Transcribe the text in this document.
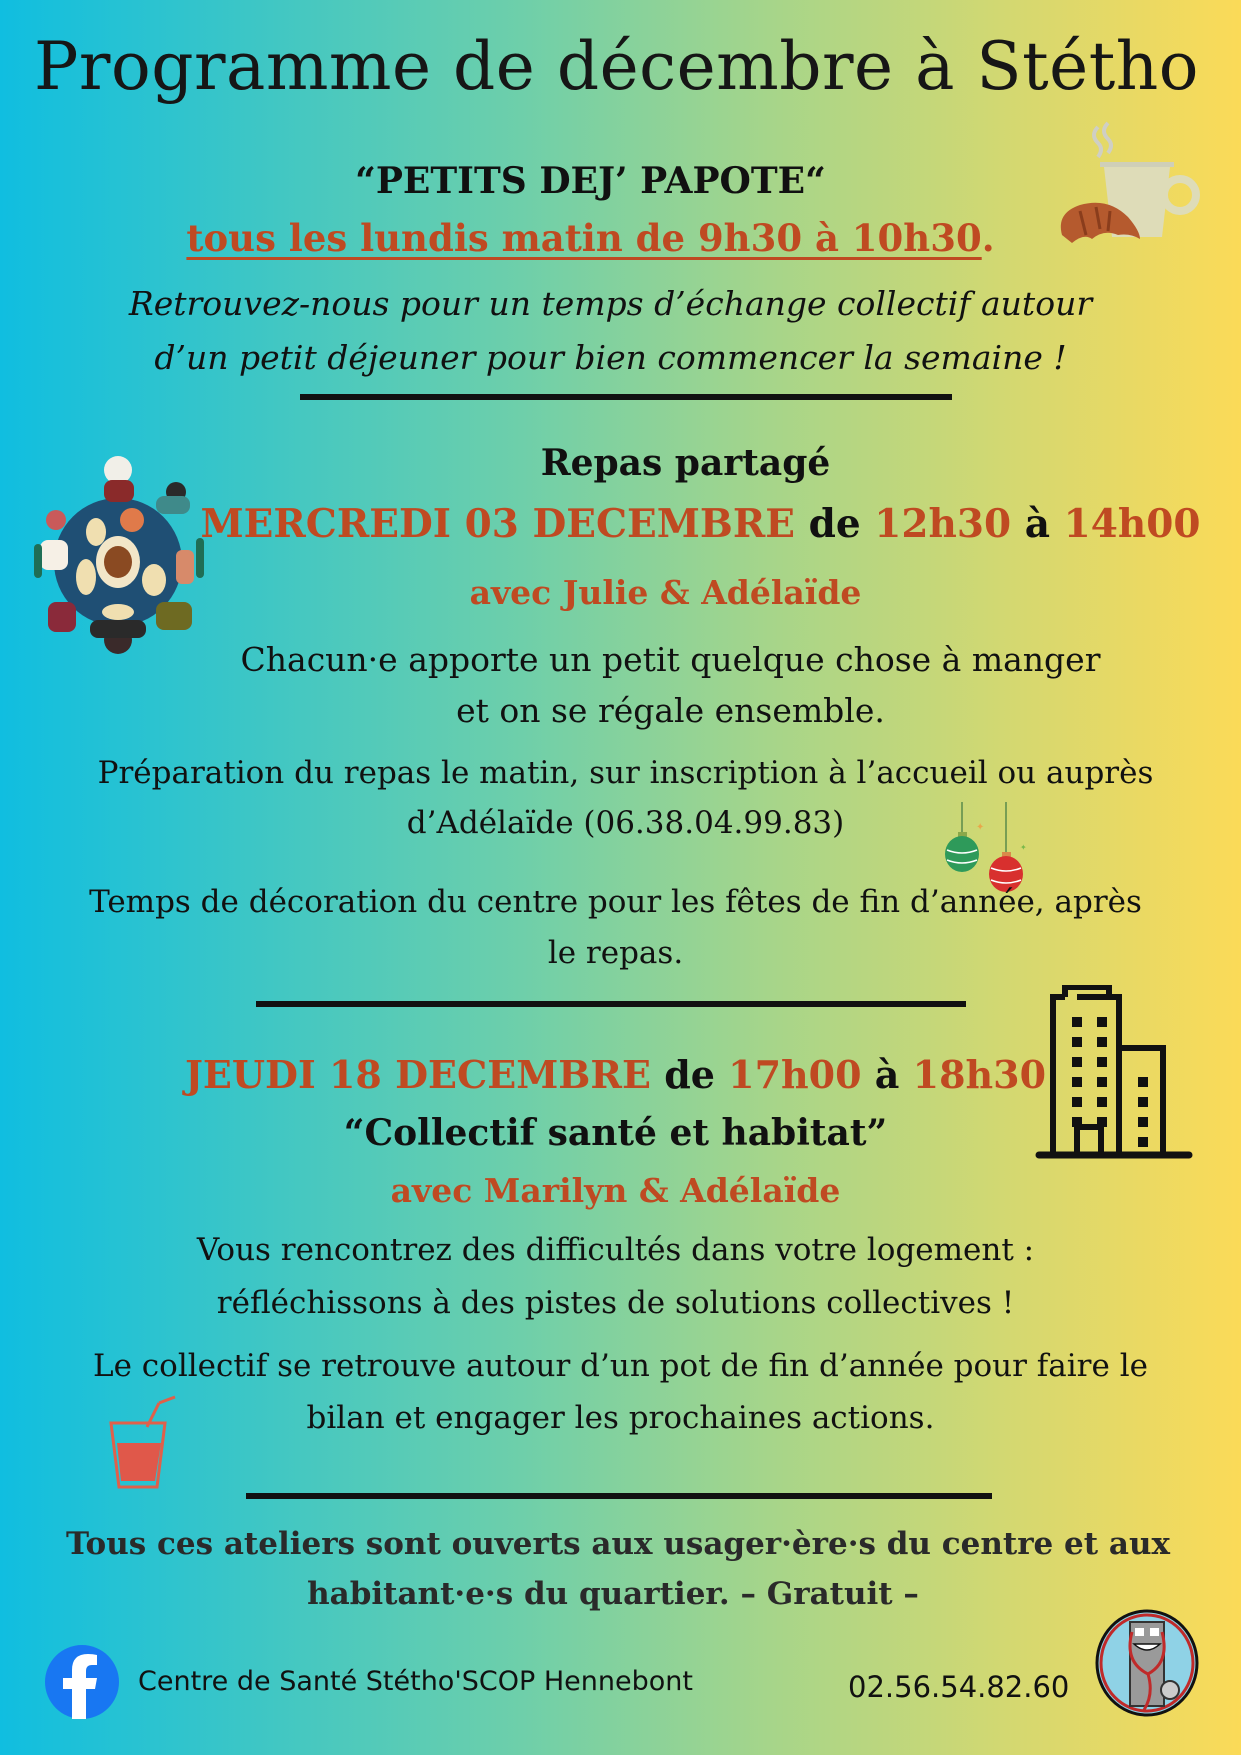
Programme de décembre à Stétho
“PETITS DEJ’ PAPOTE“
tous les lundis matin de 9h30 à 10h30.
Retrouvez-nous pour un temps d’échange collectif autour
d’un petit déjeuner pour bien commencer la semaine !
Repas partagé
MERCREDI 03 DECEMBRE de 12h30 à 14h00
avec Julie & Adélaïde
Chacun·e apporte un petit quelque chose à manger
et on se régale ensemble.
Préparation du repas le matin, sur inscription à l’accueil ou auprès
d’Adélaïde (06.38.04.99.83)	✦
✦
Temps de décoration du centre pour les fêtes de fin d’année, après
le repas.
JEUDI 18 DECEMBRE de 17h00 à 18h30
“Collectif santé et habitat”
avec Marilyn & Adélaïde
Vous rencontrez des difficultés dans votre logement :
réfléchissons à des pistes de solutions collectives !
Le collectif se retrouve autour d’un pot de fin d’année pour faire le
bilan et engager les prochaines actions.
Tous ces ateliers sont ouverts aux usager·ère·s du centre et aux
habitant·e·s du quartier. – Gratuit –
Centre de Santé Stétho'SCOP Hennebont	02.56.54.82.60
